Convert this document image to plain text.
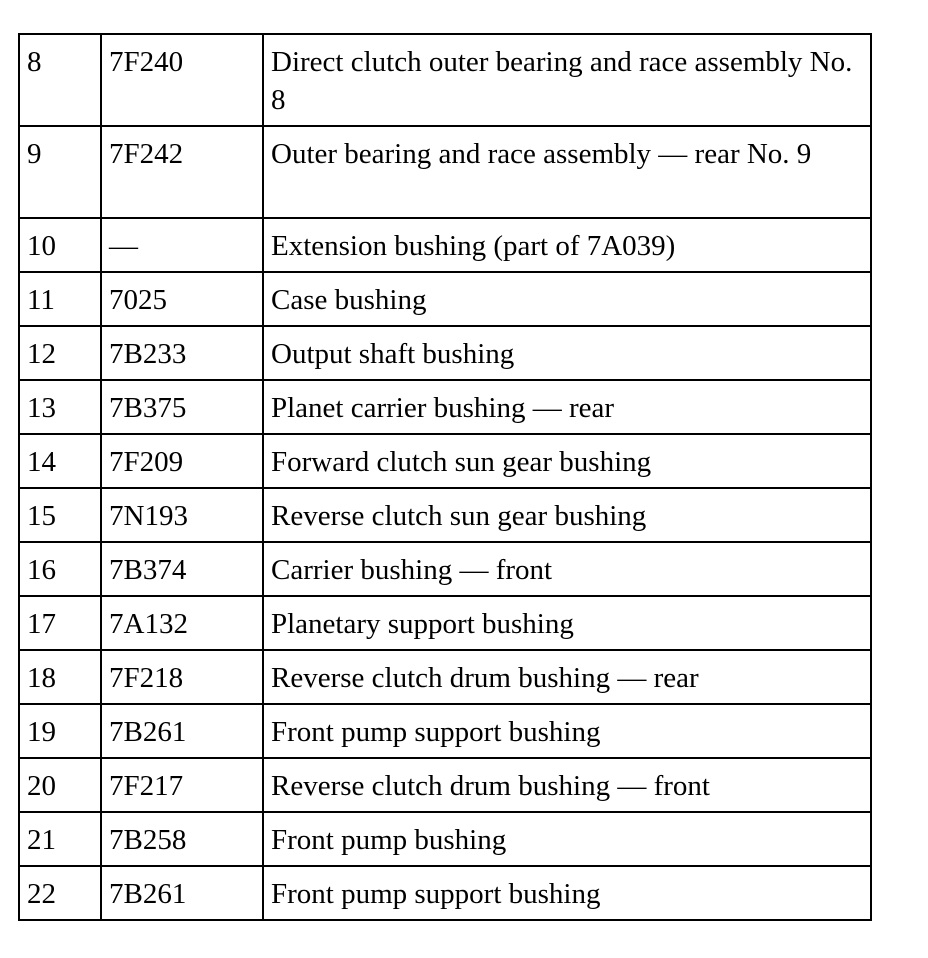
8	7F240	Direct clutch outer bearing and race assembly No. 8
9	7F242	Outer bearing and race assembly — rear No. 9
10	—	Extension bushing (part of 7A039)
11	7025	Case bushing
12	7B233	Output shaft bushing
13	7B375	Planet carrier bushing — rear
14	7F209	Forward clutch sun gear bushing
15	7N193	Reverse clutch sun gear bushing
16	7B374	Carrier bushing — front
17	7A132	Planetary support bushing
18	7F218	Reverse clutch drum bushing — rear
19	7B261	Front pump support bushing
20	7F217	Reverse clutch drum bushing — front
21	7B258	Front pump bushing
22	7B261	Front pump support bushing
